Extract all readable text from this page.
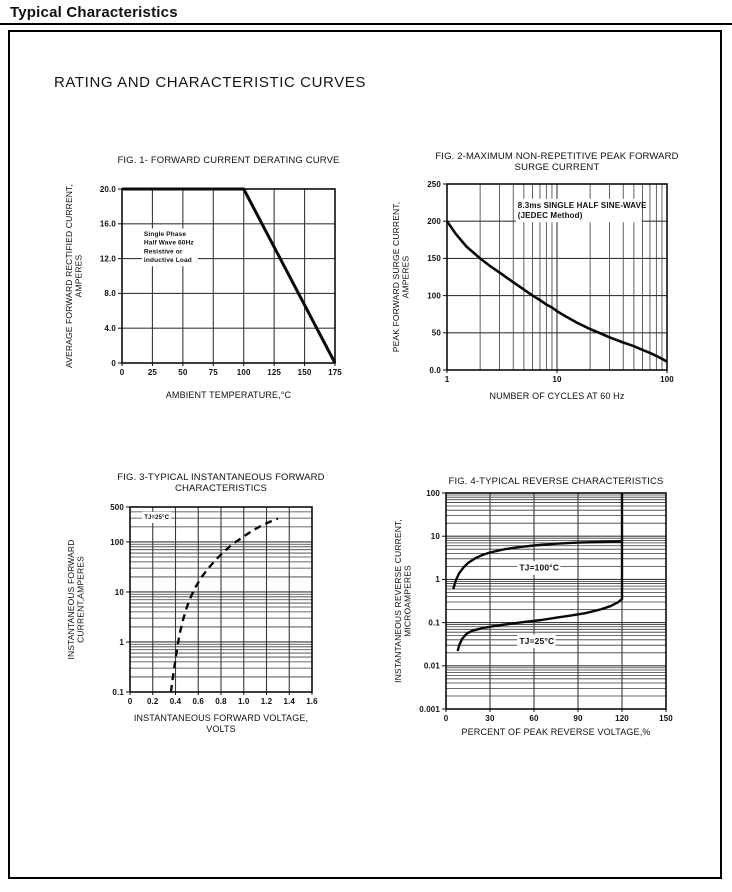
Typical Characteristics
RATING AND CHARACTERISTIC CURVES
0	25	50	75 100 125 150 175
0
4.0
8.0
12.0
16.0
20.0
FIG. 1- FORWARD CURRENT DERATING CURVE
AMBIENT TEMPERATURE,°C
AVERAGE FORWARD RECTIFIED CURRENT, AMPERES
Single Phase
Half Wave 60Hz
Resistive or
inductive Load
1	10	100
0.0
50
100
150
200
250
FIG. 2-MAXIMUM NON-REPETITIVE PEAK FORWARD
SURGE CURRENT
NUMBER OF CYCLES AT 60 Hz
PEAK FORWARD SURGE CURRENT, AMPERES
8.3ms SINGLE HALF SINE-WAVE
(JEDEC Method)
0 0.2 0.4 0.6 0.8 1.0 1.2 1.4 1.6
0.1
1
10
100
500
FIG. 3-TYPICAL INSTANTANEOUS FORWARD
CHARACTERISTICS
INSTANTANEOUS FORWARD VOLTAGE,
VOLTS
INSTANTANEOUS FORWARD CURRENT,AMPERES
TJ=25°C
0	30	60	90	120	150
0.001
0.01
0.1
1
10
100
FIG. 4-TYPICAL REVERSE CHARACTERISTICS
PERCENT OF PEAK REVERSE VOLTAGE,%
INSTANTANEOUS REVERSE CURRENT, MICROAMPERES	TJ=100°C
TJ=25°C
